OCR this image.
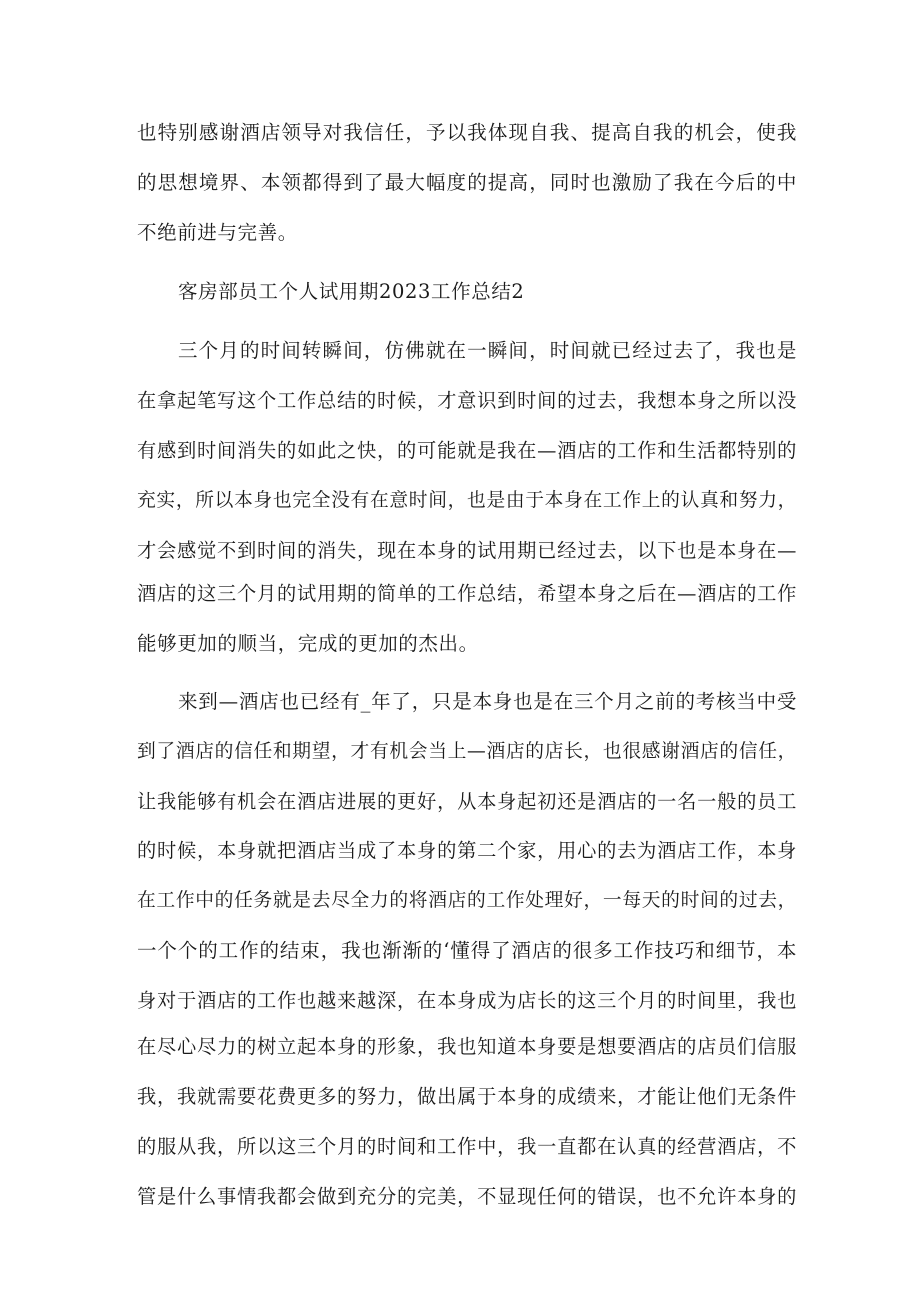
也特别感谢酒店领导对我信任，予以我体现自我、提高自我的机会，使我

的思想境界、本领都得到了最大幅度的提高，同时也激励了我在今后的中

不绝前进与完善。

客房部员工个人试用期2023工作总结2

三个月的时间转瞬间，仿佛就在一瞬间，时间就已经过去了，我也是

在拿起笔写这个工作总结的时候，才意识到时间的过去，我想本身之所以没

有感到时间消失的如此之快，的可能就是我在—酒店的工作和生活都特别的

充实，所以本身也完全没有在意时间，也是由于本身在工作上的认真和努力，

才会感觉不到时间的消失，现在本身的试用期已经过去，以下也是本身在—

酒店的这三个月的试用期的简单的工作总结，希望本身之后在—酒店的工作

能够更加的顺当，完成的更加的杰出。

来到—酒店也已经有_年了，只是本身也是在三个月之前的考核当中受

到了酒店的信任和期望，才有机会当上—酒店的店长，也很感谢酒店的信任，

让我能够有机会在酒店进展的更好，从本身起初还是酒店的一名一般的员工

的时候，本身就把酒店当成了本身的第二个家，用心的去为酒店工作，本身

在工作中的任务就是去尽全力的将酒店的工作处理好，一每天的时间的过去，

一个个的工作的结束，我也渐渐的‘懂得了酒店的很多工作技巧和细节，本

身对于酒店的工作也越来越深，在本身成为店长的这三个月的时间里，我也

在尽心尽力的树立起本身的形象，我也知道本身要是想要酒店的店员们信服

我，我就需要花费更多的努力，做出属于本身的成绩来，才能让他们无条件

的服从我，所以这三个月的时间和工作中，我一直都在认真的经营酒店，不

管是什么事情我都会做到充分的完美，不显现任何的错误，也不允许本身的
